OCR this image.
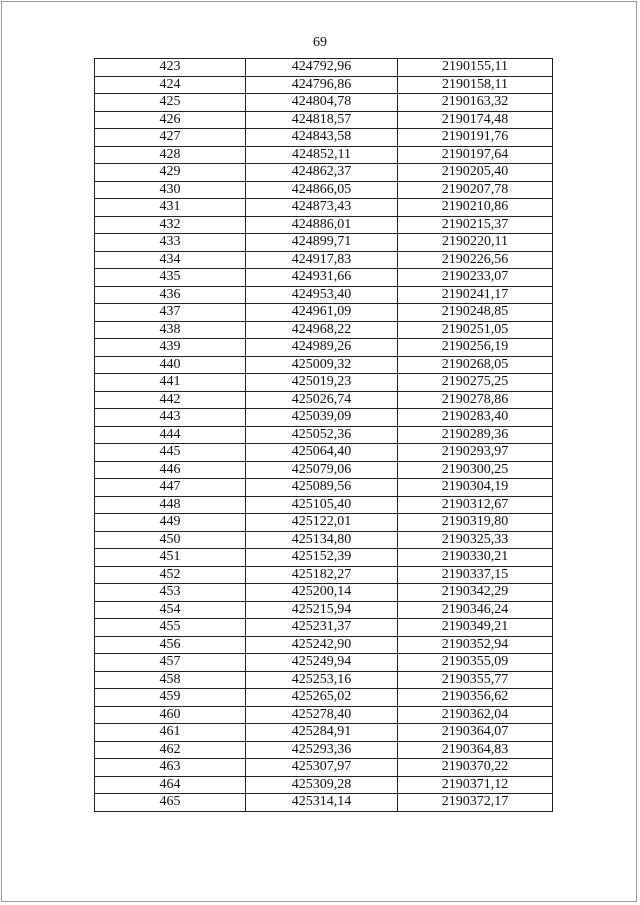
69
423	424792,96	2190155,11
424	424796,86	2190158,11
425	424804,78	2190163,32
426	424818,57	2190174,48
427	424843,58	2190191,76
428	424852,11	2190197,64
429	424862,37	2190205,40
430	424866,05	2190207,78
431	424873,43	2190210,86
432	424886,01	2190215,37
433	424899,71	2190220,11
434	424917,83	2190226,56
435	424931,66	2190233,07
436	424953,40	2190241,17
437	424961,09	2190248,85
438	424968,22	2190251,05
439	424989,26	2190256,19
440	425009,32	2190268,05
441	425019,23	2190275,25
442	425026,74	2190278,86
443	425039,09	2190283,40
444	425052,36	2190289,36
445	425064,40	2190293,97
446	425079,06	2190300,25
447	425089,56	2190304,19
448	425105,40	2190312,67
449	425122,01	2190319,80
450	425134,80	2190325,33
451	425152,39	2190330,21
452	425182,27	2190337,15
453	425200,14	2190342,29
454	425215,94	2190346,24
455	425231,37	2190349,21
456	425242,90	2190352,94
457	425249,94	2190355,09
458	425253,16	2190355,77
459	425265,02	2190356,62
460	425278,40	2190362,04
461	425284,91	2190364,07
462	425293,36	2190364,83
463	425307,97	2190370,22
464	425309,28	2190371,12
465	425314,14	2190372,17
